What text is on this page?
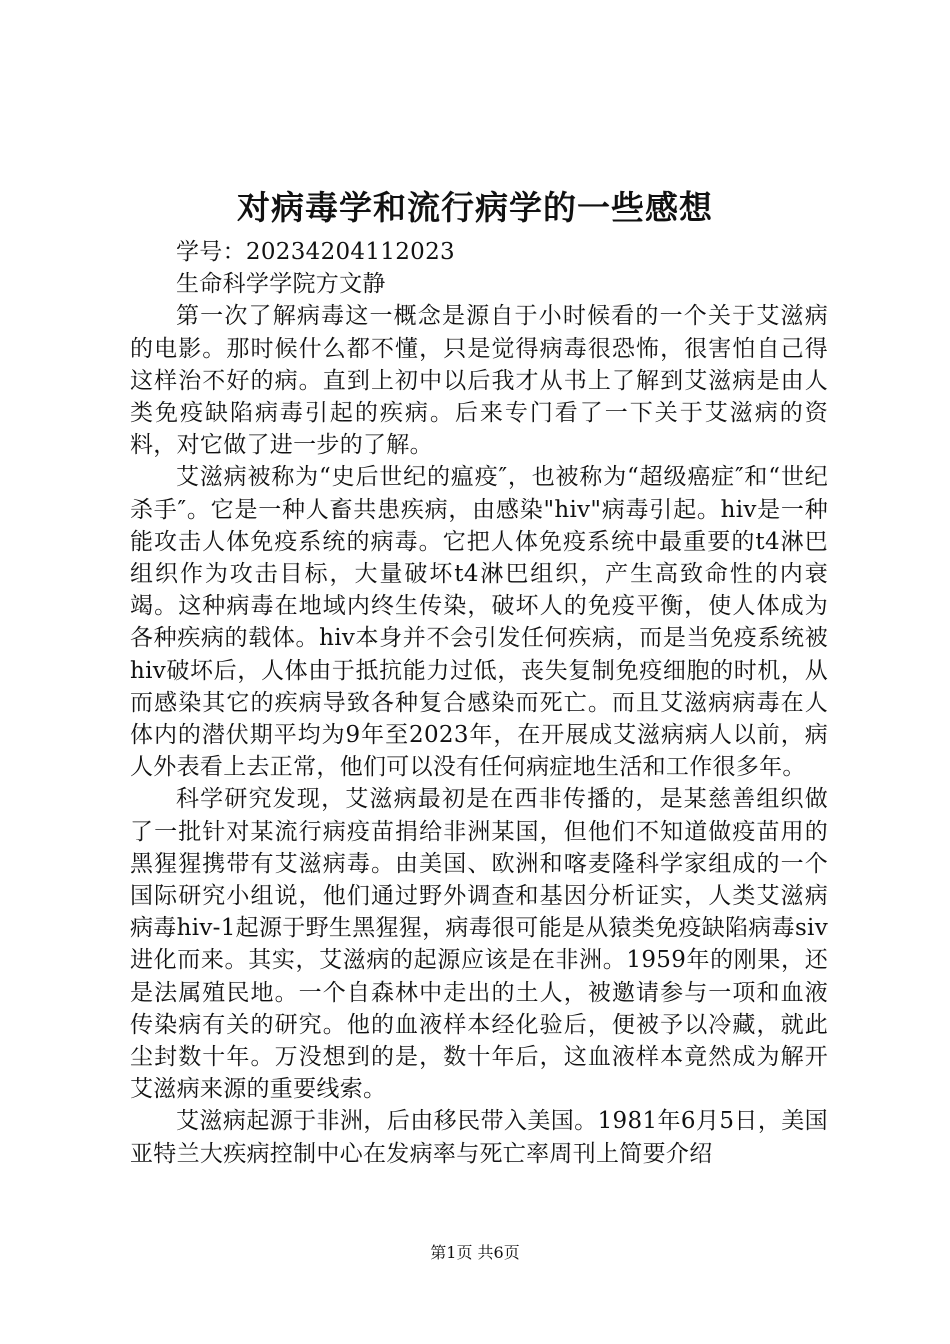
对病毒学和流行病学的一些感想

学号：20234204112023

生命科学学院方文静

第一次了解病毒这一概念是源自于小时候看的一个关于艾滋病的电影。那时候什么都不懂，只是觉得病毒很恐怖，很害怕自己得这样治不好的病。直到上初中以后我才从书上了解到艾滋病是由人类免疫缺陷病毒引起的疾病。后来专门看了一下关于艾滋病的资料，对它做了进一步的了解。

艾滋病被称为“史后世纪的瘟疫″，也被称为“超级癌症″和“世纪杀手″。它是一种人畜共患疾病，由感染"hiv"病毒引起。hiv是一种能攻击人体免疫系统的病毒。它把人体免疫系统中最重要的t4淋巴组织作为攻击目标，大量破坏t4淋巴组织，产生高致命性的内衰竭。这种病毒在地域内终生传染，破坏人的免疫平衡，使人体成为各种疾病的载体。hiv本身并不会引发任何疾病，而是当免疫系统被hiv破坏后，人体由于抵抗能力过低，丧失复制免疫细胞的时机，从而感染其它的疾病导致各种复合感染而死亡。而且艾滋病病毒在人体内的潜伏期平均为9年至2023年，在开展成艾滋病病人以前，病人外表看上去正常，他们可以没有任何病症地生活和工作很多年。

科学研究发现，艾滋病最初是在西非传播的，是某慈善组织做了一批针对某流行病疫苗捐给非洲某国，但他们不知道做疫苗用的黑猩猩携带有艾滋病毒。由美国、欧洲和喀麦隆科学家组成的一个国际研究小组说，他们通过野外调查和基因分析证实，人类艾滋病病毒hiv-1起源于野生黑猩猩，病毒很可能是从猿类免疫缺陷病毒siv进化而来。其实，艾滋病的起源应该是在非洲。1959年的刚果，还是法属殖民地。一个自森林中走出的土人，被邀请参与一项和血液传染病有关的研究。他的血液样本经化验后，便被予以冷藏，就此尘封数十年。万没想到的是，数十年后，这血液样本竟然成为解开艾滋病来源的重要线索。

艾滋病起源于非洲，后由移民带入美国。1981年6月5日，美国亚特兰大疾病控制中心在发病率与死亡率周刊上简要介绍

第1页 共6页
